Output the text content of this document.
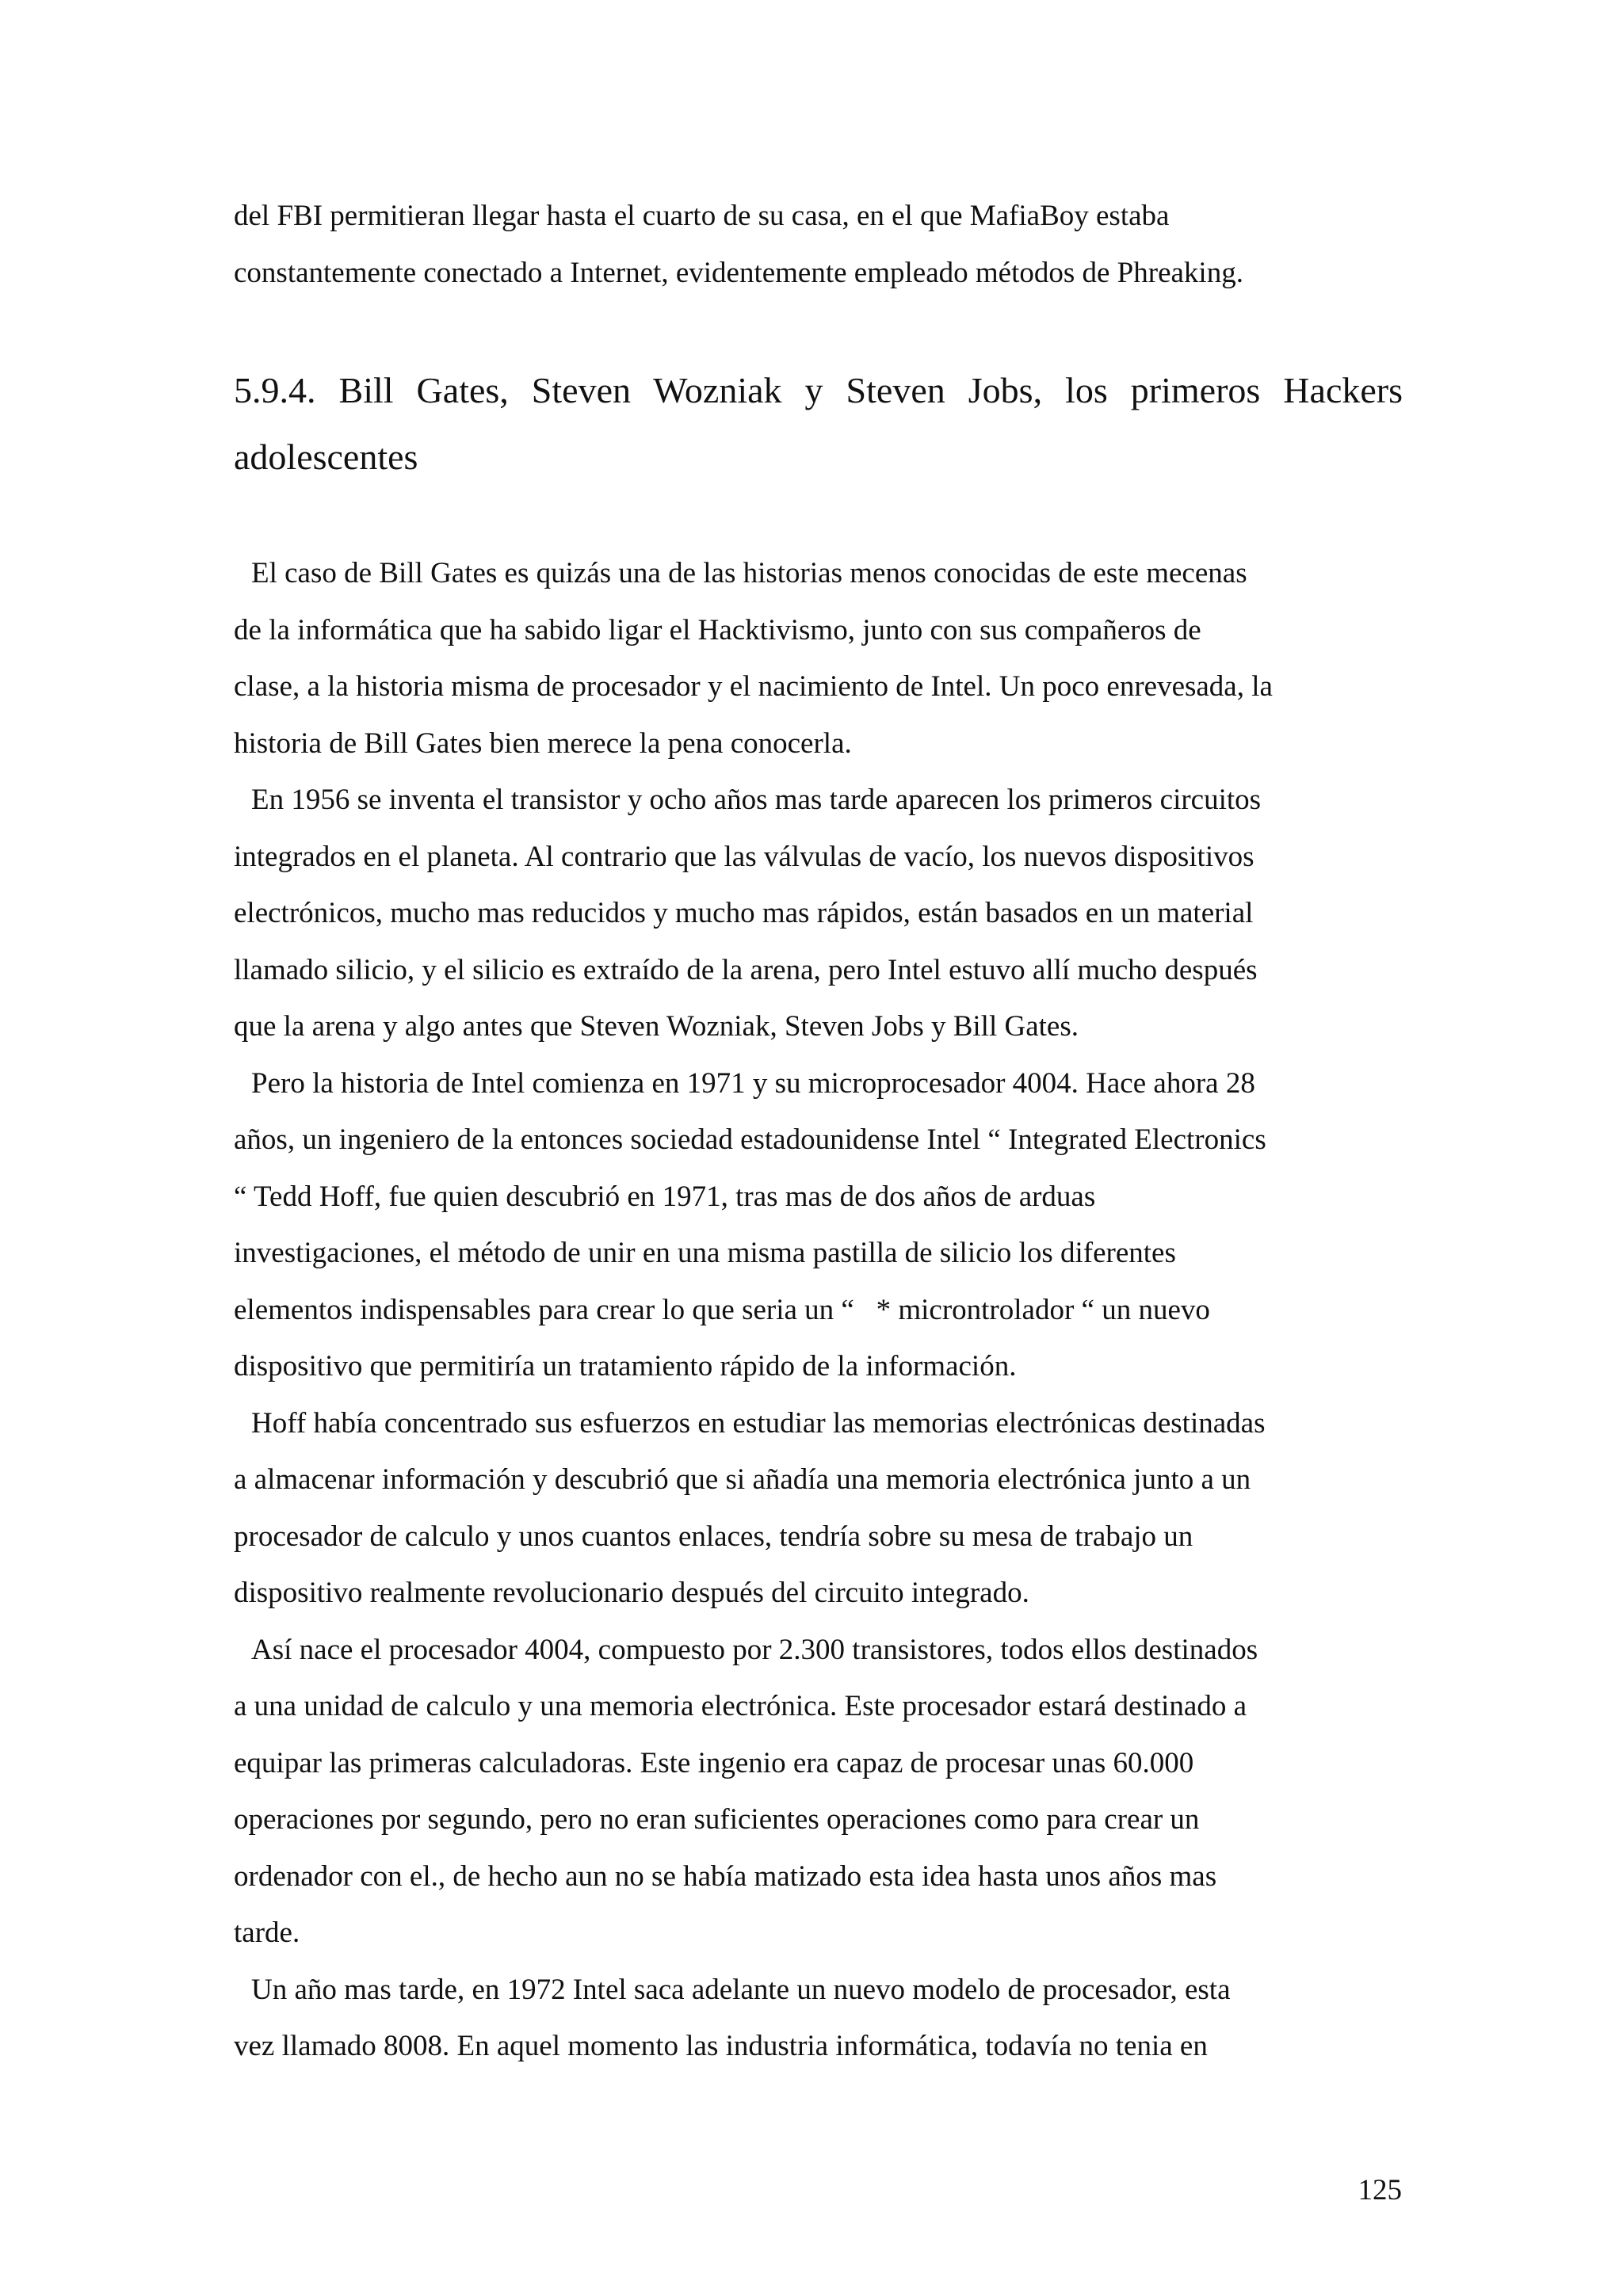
del FBI permitieran llegar hasta el cuarto de su casa, en el que MafiaBoy estaba

constantemente conectado a Internet, evidentemente empleado métodos de Phreaking.

5.9.4. Bill Gates, Steven Wozniak y Steven Jobs, los primeros Hackers adolescentes

El caso de Bill Gates es quizás una de las historias menos conocidas de este mecenas

de la informática que ha sabido ligar el Hacktivismo, junto con sus compañeros de

clase, a la historia misma de procesador y el nacimiento de Intel. Un poco enrevesada, la

historia de Bill Gates bien merece la pena conocerla.

En 1956 se inventa el transistor y ocho años mas tarde aparecen los primeros circuitos

integrados en el planeta. Al contrario que las válvulas de vacío, los nuevos dispositivos

electrónicos, mucho mas reducidos y mucho mas rápidos, están basados en un material

llamado silicio, y el silicio es extraído de la arena, pero Intel estuvo allí mucho después

que la arena y algo antes que Steven Wozniak, Steven Jobs y Bill Gates.

Pero la historia de Intel comienza en 1971 y su microprocesador 4004. Hace ahora 28

años, un ingeniero de la entonces sociedad estadounidense Intel “ Integrated Electronics

“ Tedd Hoff, fue quien descubrió en 1971, tras mas de dos años de arduas

investigaciones, el método de unir en una misma pastilla de silicio los diferentes

elementos indispensables para crear lo que seria un “   * microntrolador “ un nuevo

dispositivo que permitiría un tratamiento rápido de la información.

Hoff había concentrado sus esfuerzos en estudiar las memorias electrónicas destinadas

a almacenar información y descubrió que si añadía una memoria electrónica junto a un

procesador de calculo y unos cuantos enlaces, tendría sobre su mesa de trabajo un

dispositivo realmente revolucionario después del circuito integrado.

Así nace el procesador 4004, compuesto por 2.300 transistores, todos ellos destinados

a una unidad de calculo y una memoria electrónica. Este procesador estará destinado a

equipar las primeras calculadoras. Este ingenio era capaz de procesar unas 60.000

operaciones por segundo, pero no eran suficientes operaciones como para crear un

ordenador con el., de hecho aun no se había matizado esta idea hasta unos años mas

tarde.

Un año mas tarde, en 1972 Intel saca adelante un nuevo modelo de procesador, esta

vez llamado 8008. En aquel momento las industria informática, todavía no tenia en

125
